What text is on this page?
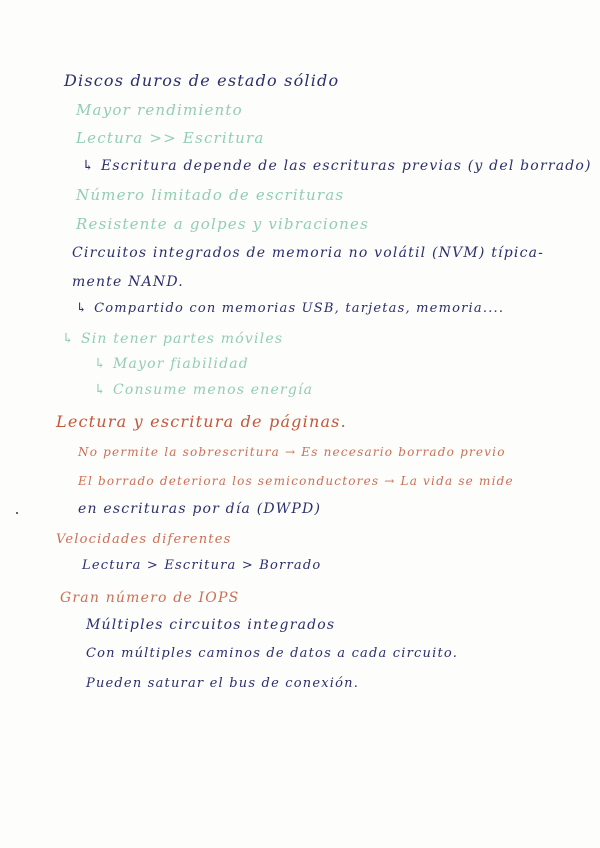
Discos duros de estado sólido
Mayor rendimiento
Lectura >> Escritura
↳ Escritura depende de las escrituras previas (y del borrado)
Número limitado de escrituras
Resistente a golpes y vibraciones
Circuitos integrados de memoria no volátil (NVM) típica-
mente NAND.
↳ Compartido con memorias USB, tarjetas, memoria....
↳ Sin tener partes móviles
↳ Mayor fiabilidad
↳ Consume menos energía
Lectura y escritura de páginas.
No permite la sobrescritura → Es necesario borrado previo
El borrado deteriora los semiconductores → La vida se mide
en escrituras por día (DWPD)
Velocidades diferentes
Lectura > Escritura > Borrado
Gran número de IOPS
Múltiples circuitos integrados
Con múltiples caminos de datos a cada circuito.
Pueden saturar el bus de conexión.
